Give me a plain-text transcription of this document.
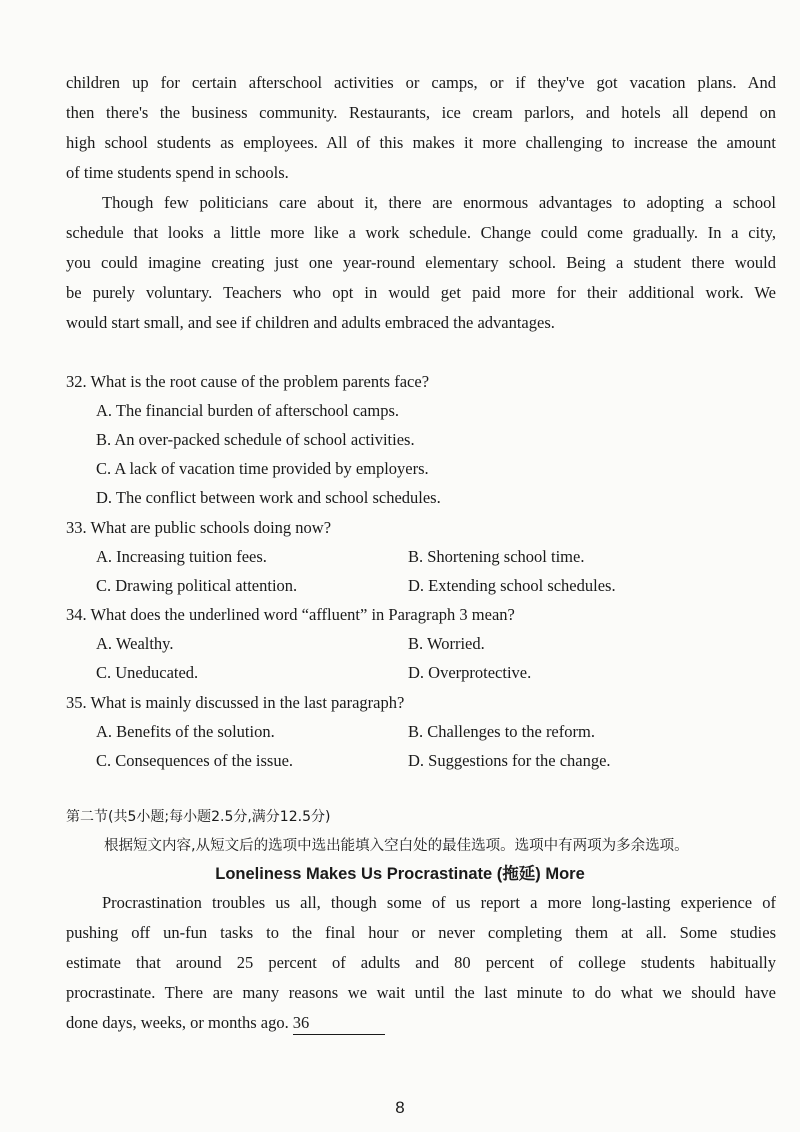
children up for certain afterschool activities or camps, or if they've got vacation plans. And
then there's the business community. Restaurants, ice cream parlors, and hotels all depend on
high school students as employees. All of this makes it more challenging to increase the amount
of time students spend in schools.
Though few politicians care about it, there are enormous advantages to adopting a school
schedule that looks a little more like a work schedule. Change could come gradually. In a city,
you could imagine creating just one year-round elementary school. Being a student there would
be purely voluntary. Teachers who opt in would get paid more for their additional work. We
would start small, and see if children and adults embraced the advantages.
32. What is the root cause of the problem parents face?
A. The financial burden of afterschool camps.
B. An over-packed schedule of school activities.
C. A lack of vacation time provided by employers.
D. The conflict between work and school schedules.
33. What are public schools doing now?
A. Increasing tuition fees.	B. Shortening school time.
C. Drawing political attention.	D. Extending school schedules.
34. What does the underlined word “affluent” in Paragraph 3 mean?
A. Wealthy.	B. Worried.
C. Uneducated.	D. Overprotective.
35. What is mainly discussed in the last paragraph?
A. Benefits of the solution.	B. Challenges to the reform.
C. Consequences of the issue.	D. Suggestions for the change.
第二节(共5小题;每小题2.5分,满分12.5分)
根据短文内容,从短文后的选项中选出能填入空白处的最佳选项。选项中有两项为多余选项。
Loneliness Makes Us Procrastinate (拖延) More
Procrastination troubles us all, though some of us report a more long-lasting experience of
pushing off un-fun tasks to the final hour or never completing them at all. Some studies
estimate that around 25 percent of adults and 80 percent of college students habitually
procrastinate. There are many reasons we wait until the last minute to do what we should have
done days, weeks, or months ago. 36
8
